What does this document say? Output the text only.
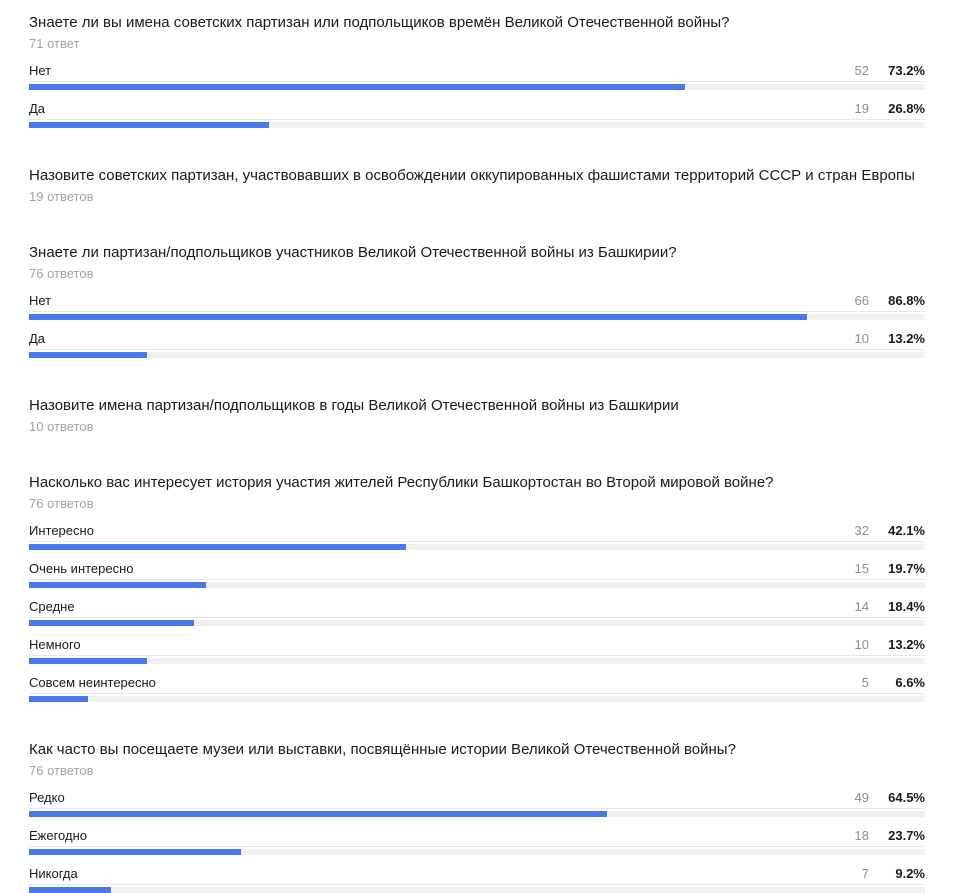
Знаете ли вы имена советских партизан или подпольщиков времён Великой Отечественной войны?
71 ответ
Нет	52	73.2%
Да	19	26.8%
Назовите советских партизан, участвовавших в освобождении оккупированных фашистами территорий СССР и стран Европы
19 ответов
Знаете ли партизан/подпольщиков участников Великой Отечественной войны из Башкирии?
76 ответов
Нет	66	86.8%
Да	10	13.2%
Назовите имена партизан/подпольщиков в годы Великой Отечественной войны из Башкирии
10 ответов
Насколько вас интересует история участия жителей Республики Башкортостан во Второй мировой войне?
76 ответов
Интересно	32	42.1%
Очень интересно	15	19.7%
Средне	14	18.4%
Немного	10	13.2%
Совсем неинтересно	5	6.6%
Как часто вы посещаете музеи или выставки, посвящённые истории Великой Отечественной войны?
76 ответов
Редко	49	64.5%
Ежегодно	18	23.7%
Никогда	7	9.2%
